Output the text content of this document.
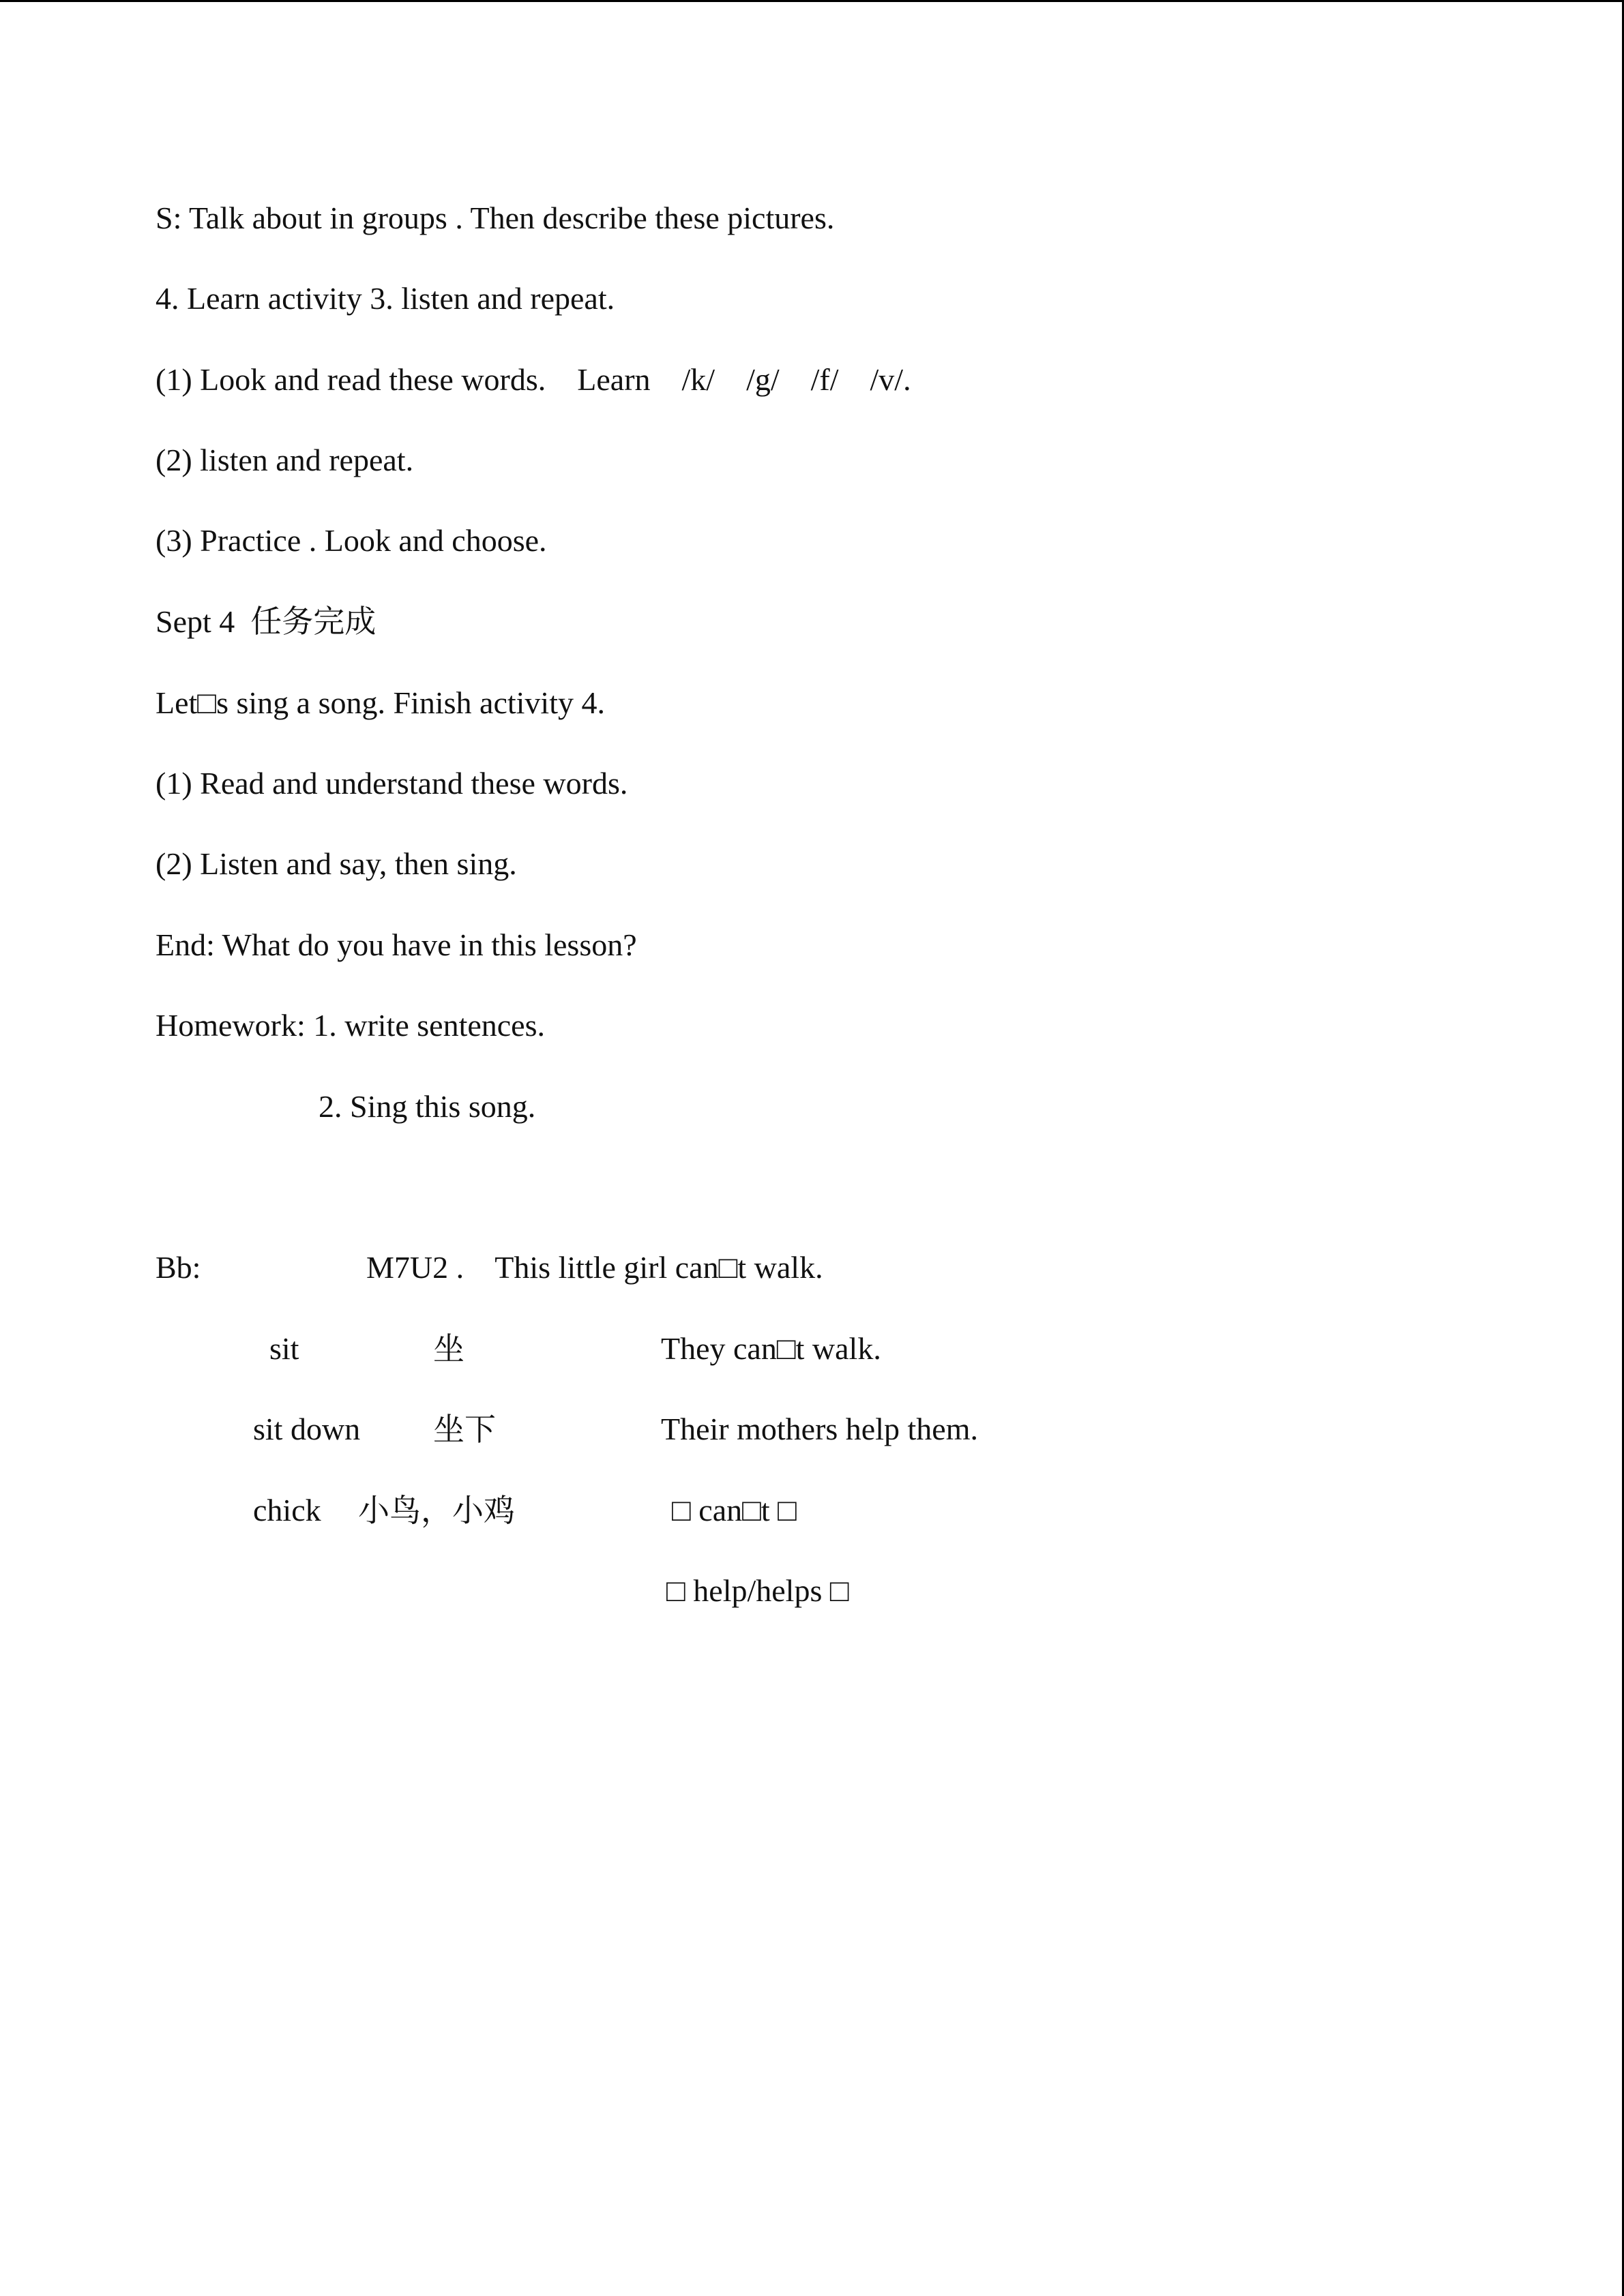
S: Talk about in groups . Then describe these pictures.
4. Learn activity 3. listen and repeat.
(1) Look and read these words.    Learn    /k/    /g/    /f/    /v/.
(2) listen and repeat.
(3) Practice . Look and choose.
Sept 4  任务完成
Let□s sing a song. Finish activity 4.
(1) Read and understand these words.
(2) Listen and say, then sing.
End: What do you have in this lesson?
Homework: 1. write sentences.
2. Sing this song.
Bb:	M7U2 .    This little girl can□t walk.
sit	坐	They can□t walk.
sit down 坐下	Their mothers help them.
chick 小鸟，小鸡	□ can□t □
□ help/helps □
